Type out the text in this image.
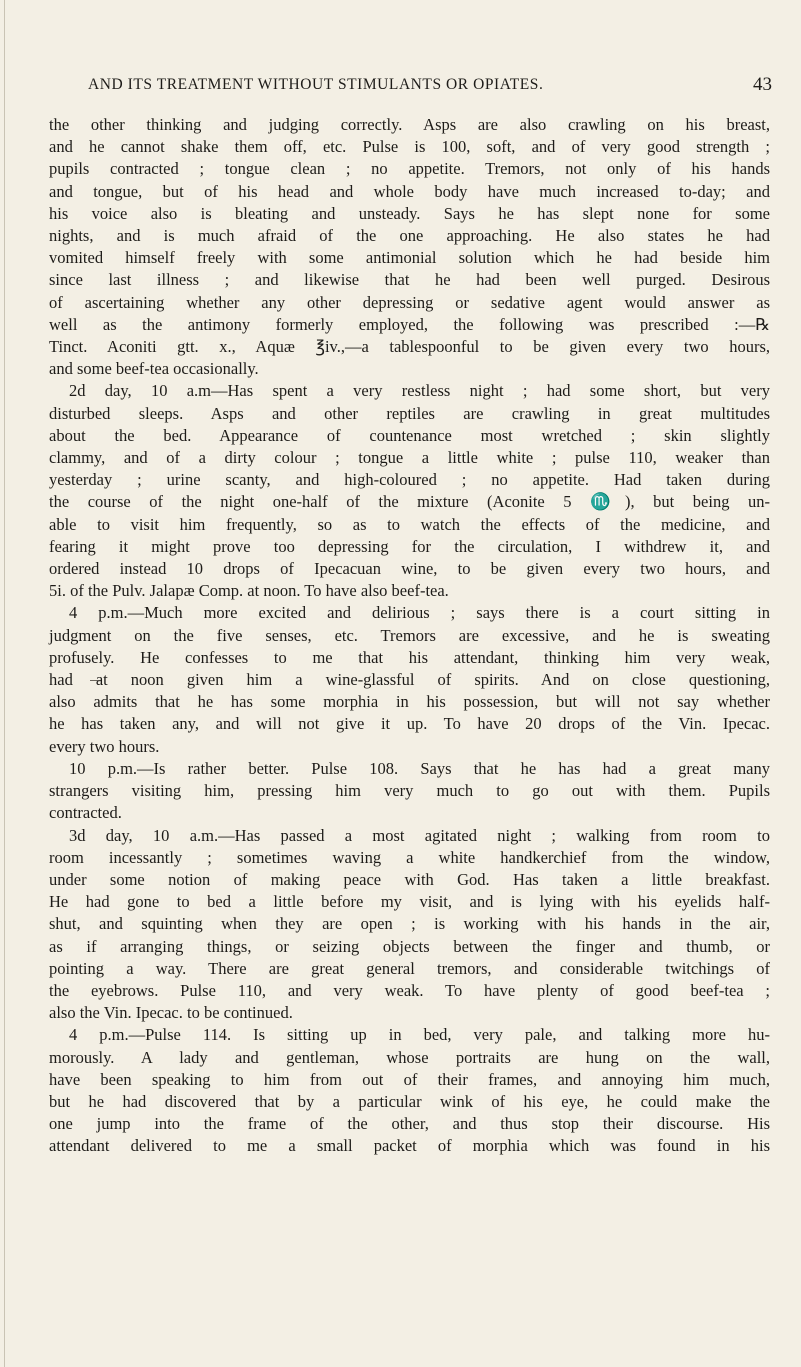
AND ITS TREATMENT WITHOUT STIMULANTS OR OPIATES.	43

the other thinking and judging correctly. Asps are also crawling on his breast,

and he cannot shake them off, etc. Pulse is 100, soft, and of very good strength ;

pupils contracted ; tongue clean ; no appetite. Tremors, not only of his hands

and tongue, but of his head and whole body have much increased to-day; and

his voice also is bleating and unsteady. Says he has slept none for some

nights, and is much afraid of the one approaching. He also states he had

vomited himself freely with some antimonial solution which he had beside him

since last illness ; and likewise that he had been well purged. Desirous

of ascertaining whether any other depressing or sedative agent would answer as

well as the antimony formerly employed, the following was prescribed :—℞

Tinct. Aconiti gtt. x., Aquæ ℥iv.,—a tablespoonful to be given every two hours,

and some beef-tea occasionally.

2d day, 10 a.m—Has spent a very restless night ; had some short, but very

disturbed sleeps. Asps and other reptiles are crawling in great multitudes

about the bed. Appearance of countenance most wretched ; skin slightly

clammy, and of a dirty colour ; tongue a little white ; pulse 110, weaker than

yesterday ; urine scanty, and high-coloured ; no appetite. Had taken during

the course of the night one-half of the mixture (Aconite 5 ♏), but being un-

able to visit him frequently, so as to watch the effects of the medicine, and

fearing it might prove too depressing for the circulation, I withdrew it, and

ordered instead 10 drops of Ipecacuan wine, to be given every two hours, and

5i. of the Pulv. Jalapæ Comp. at noon. To have also beef-tea.

4 p.m.—Much more excited and delirious ; says there is a court sitting in

judgment on the five senses, etc. Tremors are excessive, and he is sweating

profusely. He confesses to me that his attendant, thinking him very weak,

had at noon given him a wine-glassful of spirits. And on close questioning,

also admits that he has some morphia in his possession, but will not say whether

he has taken any, and will not give it up. To have 20 drops of the Vin. Ipecac.

every two hours.

10 p.m.—Is rather better. Pulse 108. Says that he has had a great many

strangers visiting him, pressing him very much to go out with them. Pupils

contracted.

3d day, 10 a.m.—Has passed a most agitated night ; walking from room to

room incessantly ; sometimes waving a white handkerchief from the window,

under some notion of making peace with God. Has taken a little breakfast.

He had gone to bed a little before my visit, and is lying with his eyelids half-

shut, and squinting when they are open ; is working with his hands in the air,

as if arranging things, or seizing objects between the finger and thumb, or

pointing a way. There are great general tremors, and considerable twitchings of

the eyebrows. Pulse 110, and very weak. To have plenty of good beef-tea ;

also the Vin. Ipecac. to be continued.

4 p.m.—Pulse 114. Is sitting up in bed, very pale, and talking more hu-

morously. A lady and gentleman, whose portraits are hung on the wall,

have been speaking to him from out of their frames, and annoying him much,

but he had discovered that by a particular wink of his eye, he could make the

one jump into the frame of the other, and thus stop their discourse. His

attendant delivered to me a small packet of morphia which was found in his
